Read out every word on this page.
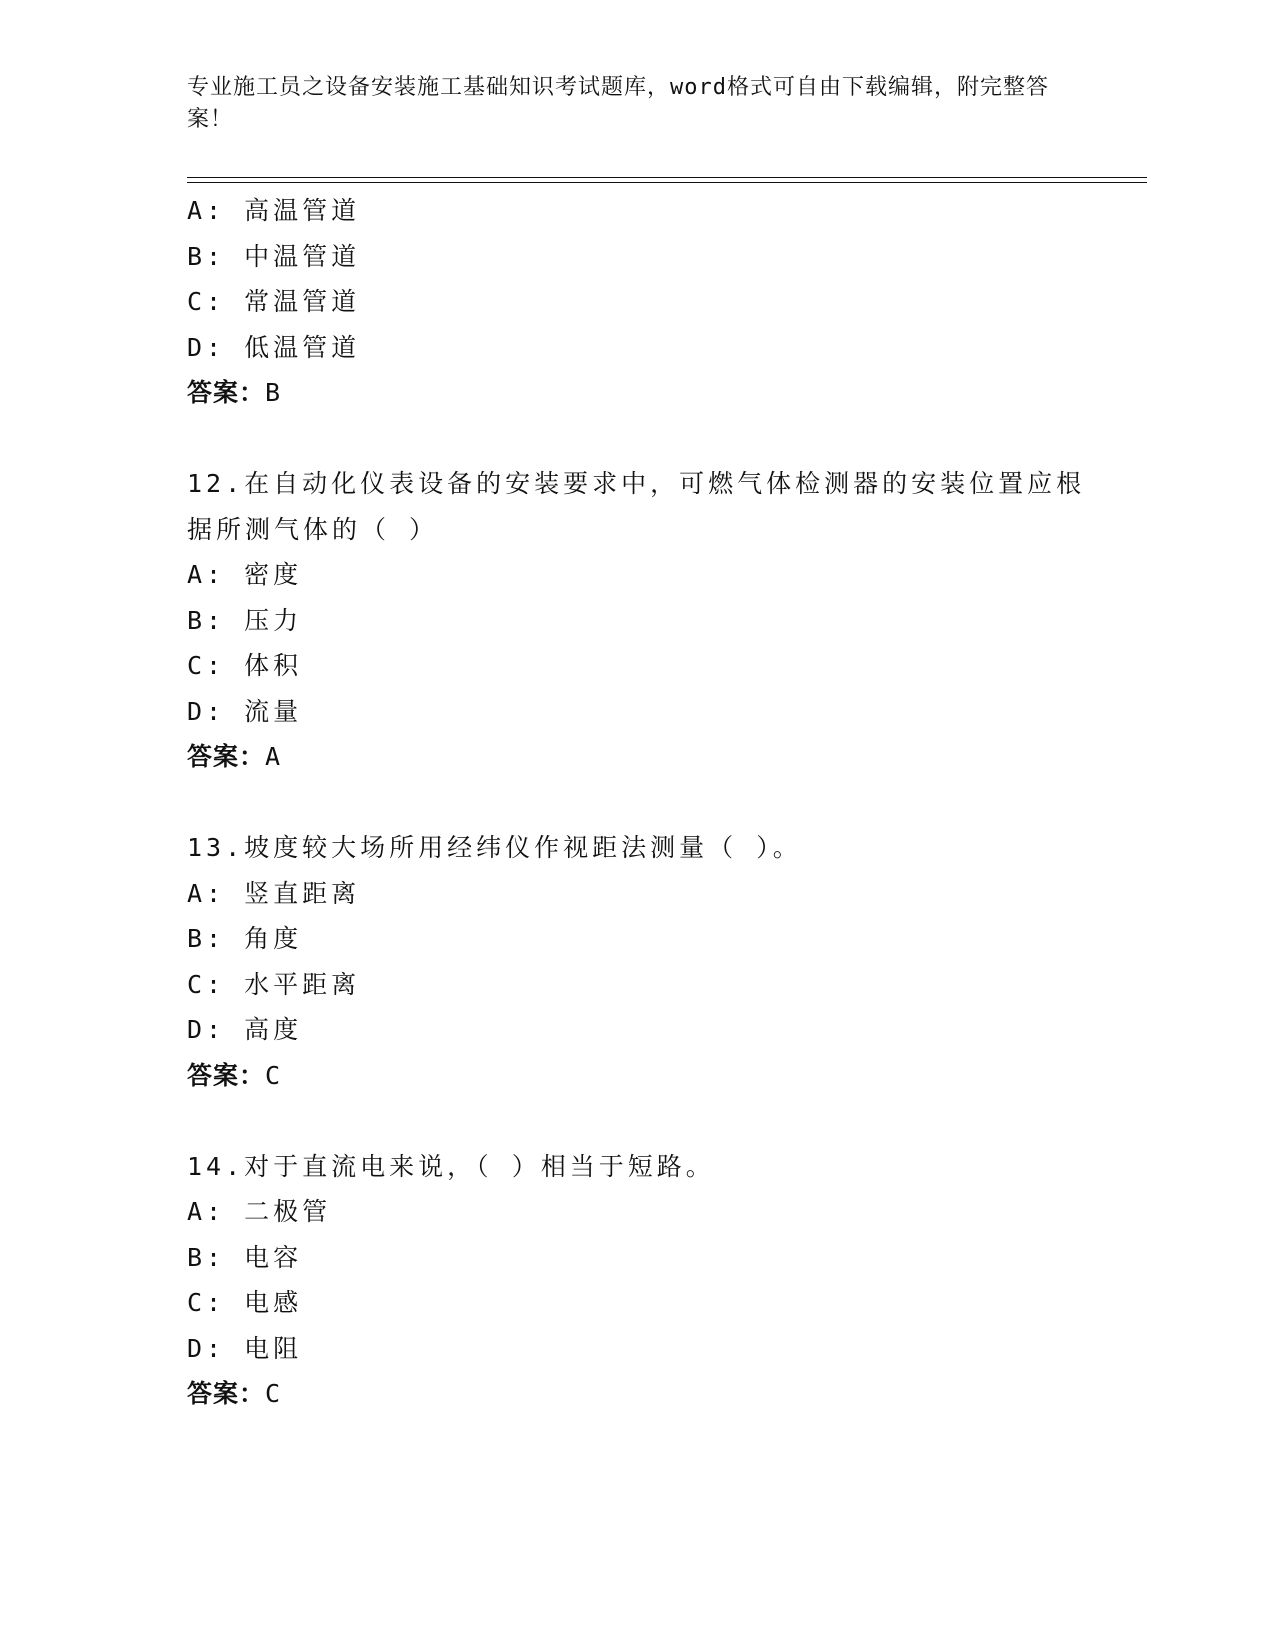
专业施工员之设备安装施工基础知识考试题库，word格式可自由下载编辑，附完整答案！
A: 高温管道
B: 中温管道
C: 常温管道
D: 低温管道
答案：B
12.在自动化仪表设备的安装要求中，可燃气体检测器的安装位置应根据所测气体的（ ）
A: 密度
B: 压力
C: 体积
D: 流量
答案：A
13.坡度较大场所用经纬仪作视距法测量（ ）。
A: 竖直距离
B: 角度
C: 水平距离
D: 高度
答案：C
14.对于直流电来说，（ ）相当于短路。
A: 二极管
B: 电容
C: 电感
D: 电阻
答案：C
